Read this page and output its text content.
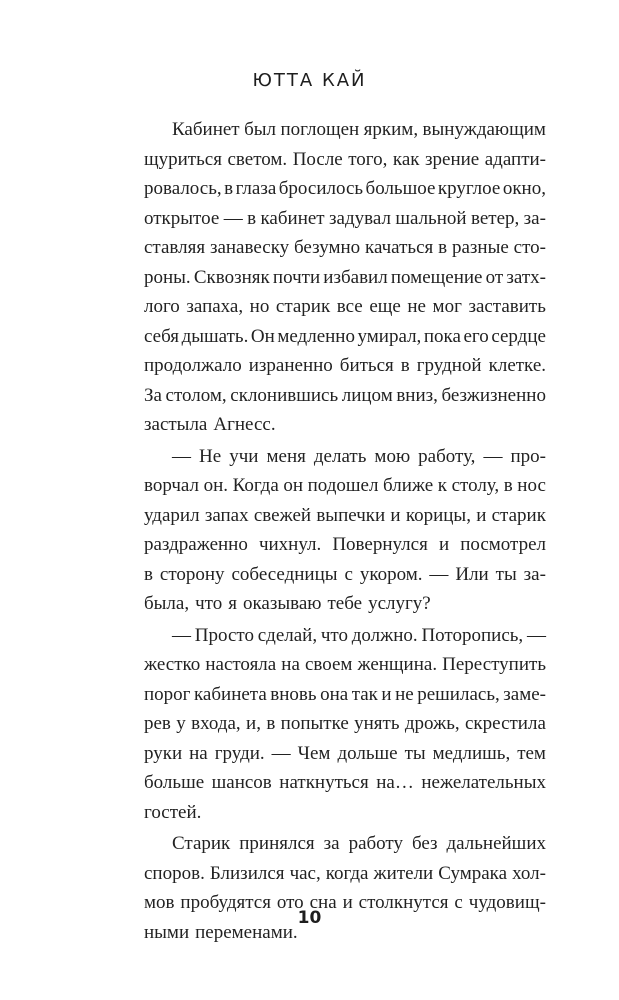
ЮТТА КАЙ
Кабинет был поглощен ярким, вынуждающим
щуриться светом. После того, как зрение адапти-
ровалось, в глаза бросилось большое круглое окно,
открытое — в кабинет задувал шальной ветер, за-
ставляя занавеску безумно качаться в разные сто-
роны. Сквозняк почти избавил помещение от затх-
лого запаха, но старик все еще не мог заставить
себя дышать. Он медленно умирал, пока его сердце
продолжало израненно биться в грудной клетке.
За столом, склонившись лицом вниз, безжизненно
застыла Агнесс.
— Не учи меня делать мою работу, — про-
ворчал он. Когда он подошел ближе к столу, в нос
ударил запах свежей выпечки и корицы, и старик
раздраженно чихнул. Повернулся и посмотрел
в сторону собеседницы с укором. — Или ты за-
была, что я оказываю тебе услугу?
— Просто сделай, что должно. Поторопись, —
жестко настояла на своем женщина. Переступить
порог кабинета вновь она так и не решилась, заме-
рев у входа, и, в попытке унять дрожь, скрестила
руки на груди. — Чем дольше ты медлишь, тем
больше шансов наткнуться на… нежелательных
гостей.
Старик принялся за работу без дальнейших
споров. Близился час, когда жители Сумрака хол-
мов пробудятся ото сна и столкнутся с чудовищ-
ными переменами.
10
